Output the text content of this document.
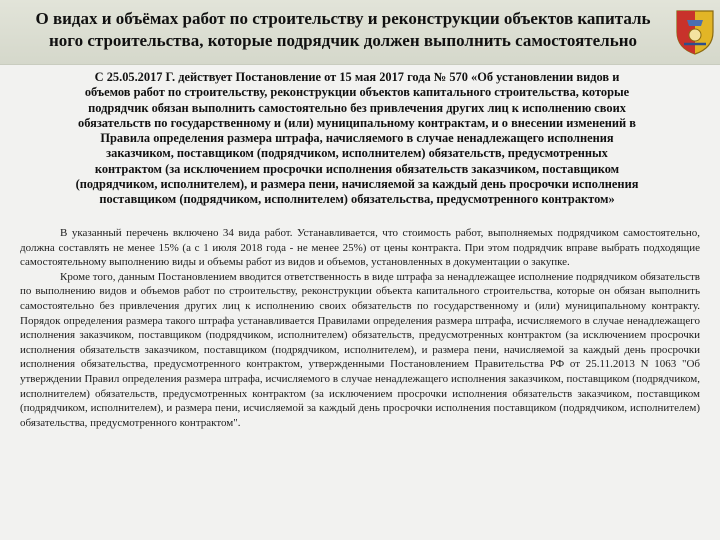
О видах и объёмах работ по строительству и реконструкции объектов капиталь
ного строительства, которые подрядчик должен выполнить самостоятельно
С 25.05.2017 Г. действует Постановление от 15 мая 2017 года № 570 «Об установлении видов и
объемов работ по строительству, реконструкции объектов капитального строительства, которые
подрядчик обязан выполнить самостоятельно без привлечения других лиц к исполнению своих
обязательств по государственному и (или) муниципальному контрактам, и о внесении изменений в
Правила определения размера штрафа, начисляемого в случае ненадлежащего исполнения
заказчиком, поставщиком (подрядчиком, исполнителем) обязательств, предусмотренных
контрактом (за исключением просрочки исполнения обязательств заказчиком, поставщиком
(подрядчиком, исполнителем), и размера пени, начисляемой за каждый день просрочки исполнения
поставщиком (подрядчиком, исполнителем) обязательства, предусмотренного контрактом»

В указанный перечень включено 34 вида работ. Устанавливается, что стоимость работ, выполняемых подрядчиком самостоятельно, должна составлять не менее 15% (а с 1 июля 2018 года - не менее 25%) от цены контракта. При этом подрядчик вправе выбрать подходящие самостоятельному выполнению виды и объемы работ из видов и объемов, установленных в документации о закупке.

Кроме того, данным Постановлением вводится ответственность в виде штрафа за ненадлежащее исполнение подрядчиком обязательств по выполнению видов и объемов работ по строительству, реконструкции объекта капитального строительства, которые он обязан выполнить самостоятельно без привлечения других лиц к исполнению своих обязательств по государственному и (или) муниципальному контракту. Порядок определения размера такого штрафа устанавливается Правилами определения размера штрафа, исчисляемого в случае ненадлежащего исполнения заказчиком, поставщиком (подрядчиком, исполнителем) обязательств, предусмотренных контрактом (за исключением просрочки исполнения обязательств заказчиком, поставщиком (подрядчиком, исполнителем), и размера пени, начисляемой за каждый день просрочки исполнения обязательства, предусмотренного контрактом, утвержденными Постановлением Правительства РФ от 25.11.2013 N 1063 "Об утверждении Правил определения размера штрафа, исчисляемого в случае ненадлежащего исполнения заказчиком, поставщиком (подрядчиком, исполнителем) обязательств, предусмотренных контрактом (за исключением просрочки исполнения обязательств заказчиком, поставщиком (подрядчиком, исполнителем), и размера пени, исчисляемой за каждый день просрочки исполнения поставщиком (подрядчиком, исполнителем) обязательства, предусмотренного контрактом".
